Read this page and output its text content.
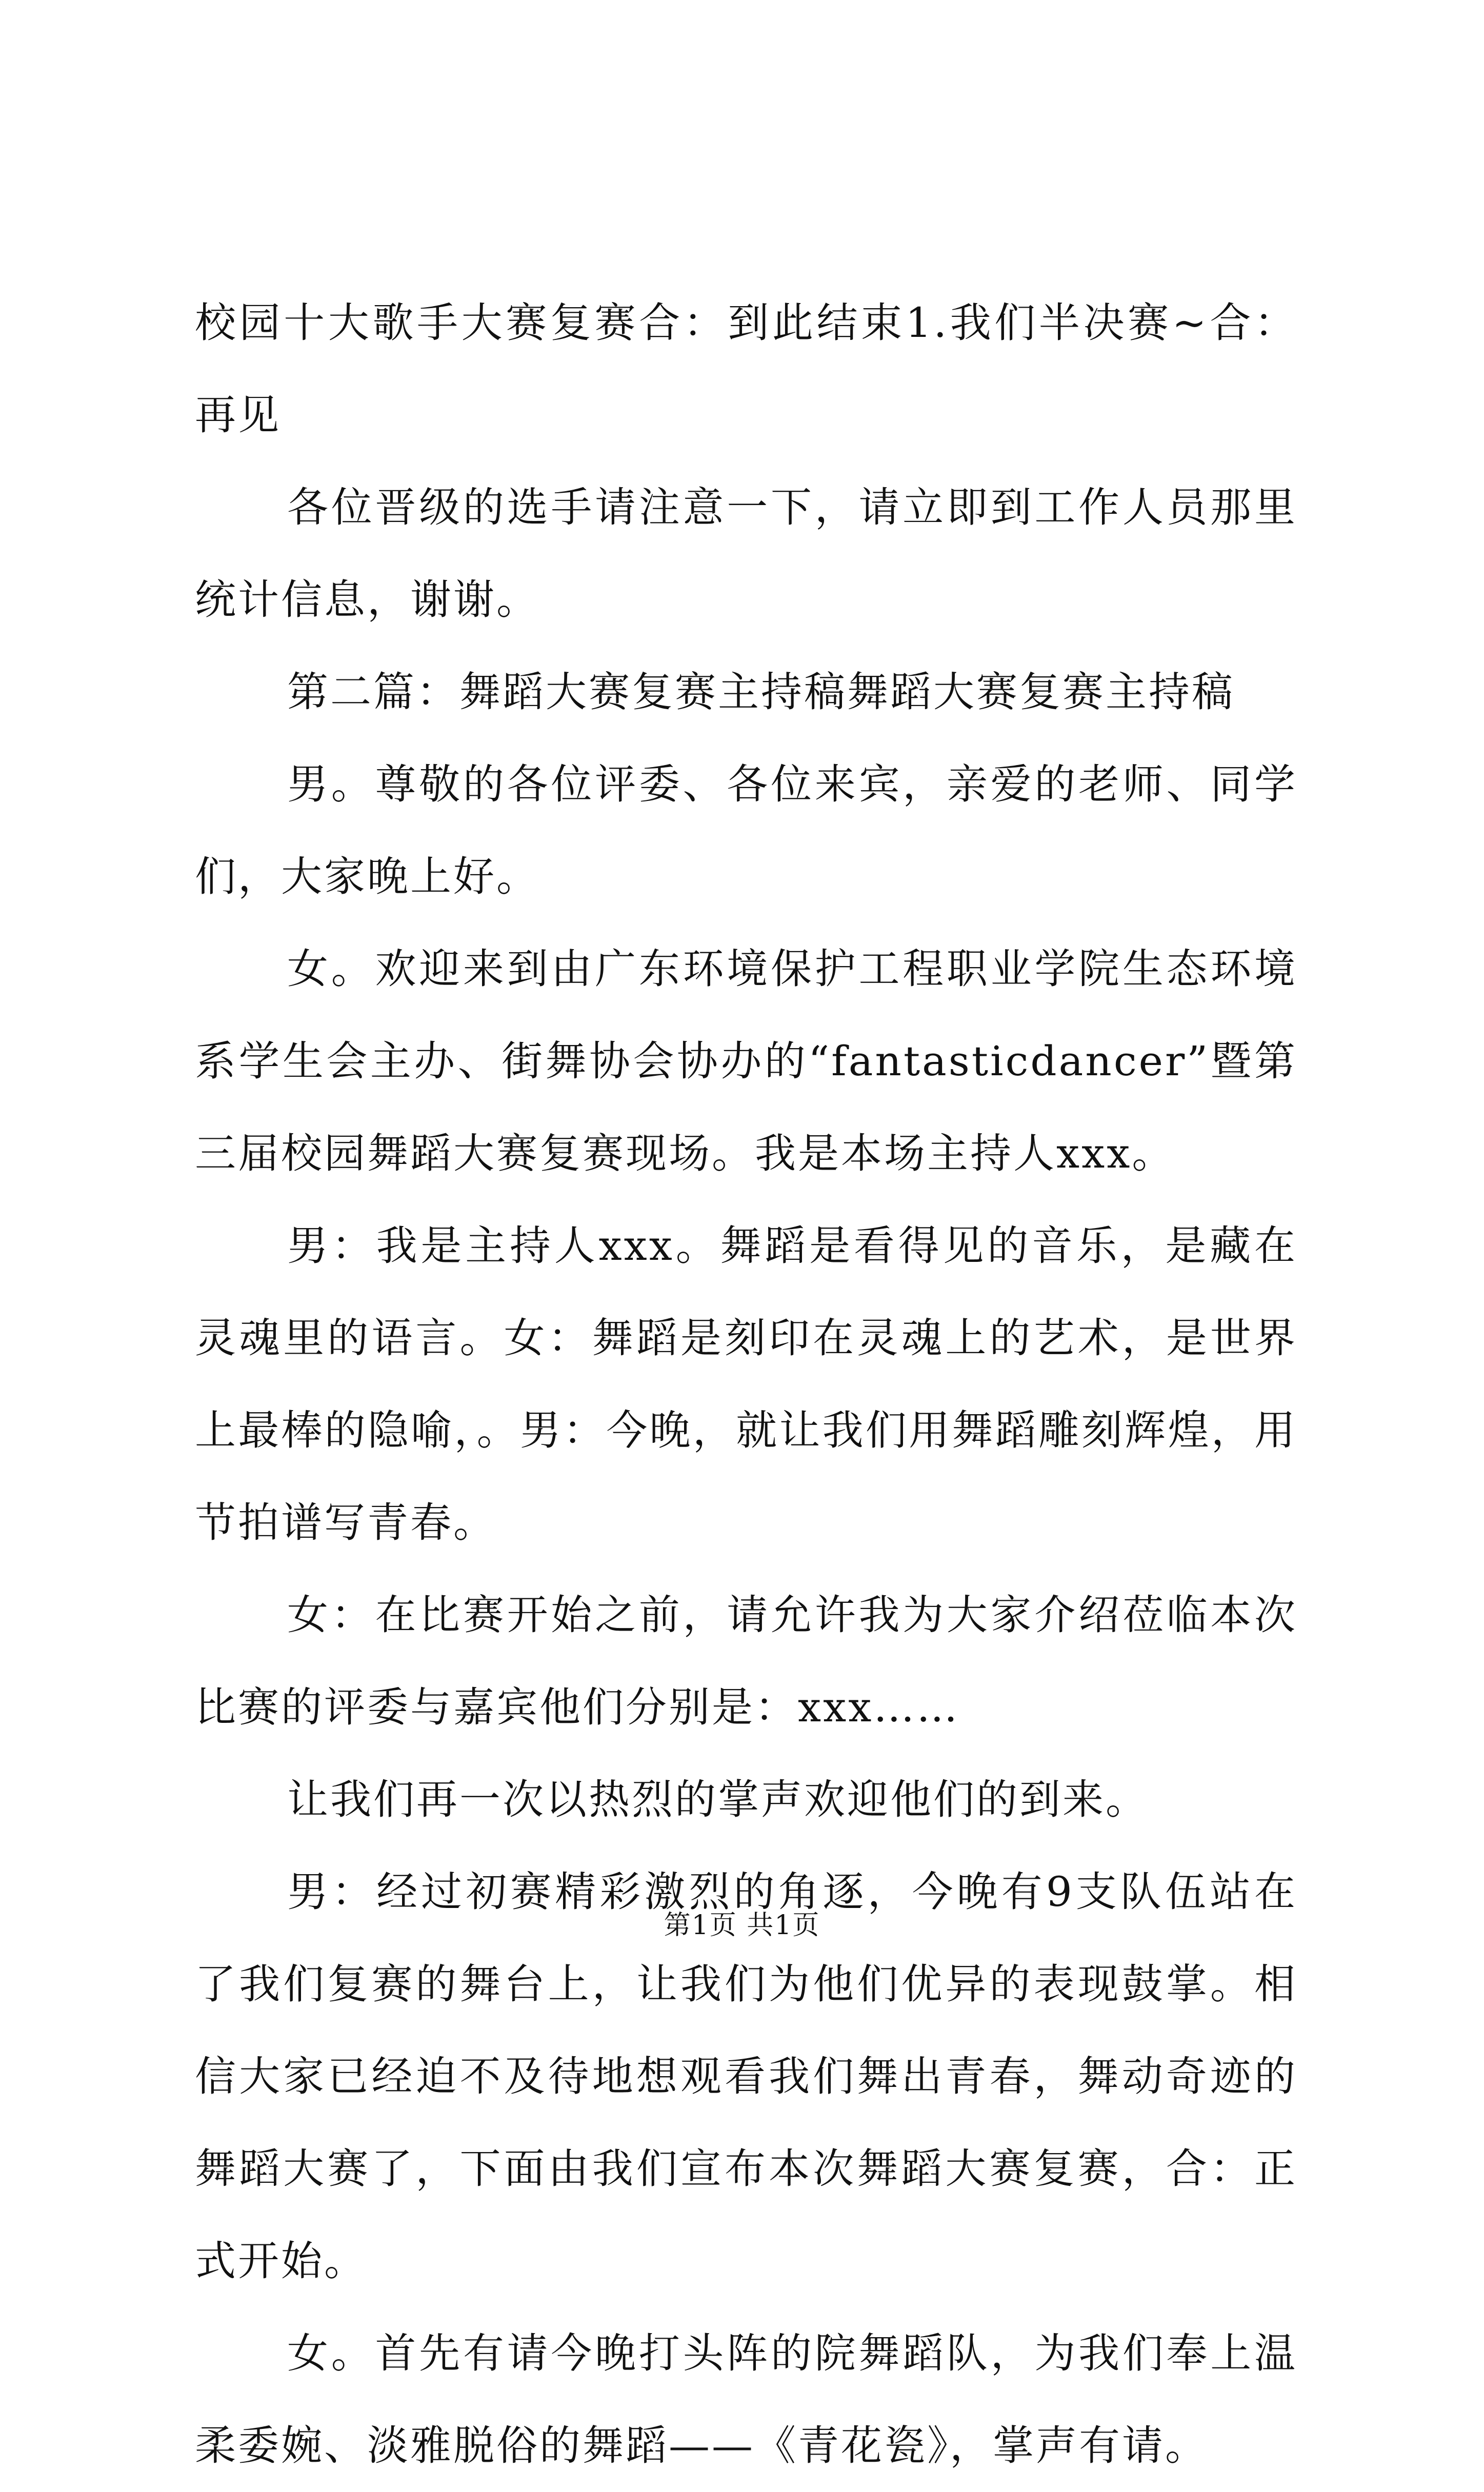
校园十大歌手大赛复赛合：到此结束1.我们半决赛~合：再见

各位晋级的选手请注意一下，请立即到工作人员那里统计信息，谢谢。

第二篇：舞蹈大赛复赛主持稿舞蹈大赛复赛主持稿

男。尊敬的各位评委、各位来宾，亲爱的老师、同学们，大家晚上好。

女。欢迎来到由广东环境保护工程职业学院生态环境系学生会主办、街舞协会协办的“fantasticdancer”暨第三届校园舞蹈大赛复赛现场。我是本场主持人xxx。

男：我是主持人xxx。舞蹈是看得见的音乐，是藏在灵魂里的语言。女：舞蹈是刻印在灵魂上的艺术，是世界上最棒的隐喻，。男：今晚，就让我们用舞蹈雕刻辉煌，用节拍谱写青春。

女：在比赛开始之前，请允许我为大家介绍莅临本次比赛的评委与嘉宾他们分别是：xxx……

让我们再一次以热烈的掌声欢迎他们的到来。

男：经过初赛精彩激烈的角逐，今晚有9支队伍站在了我们复赛的舞台上，让我们为他们优异的表现鼓掌。相信大家已经迫不及待地想观看我们舞出青春，舞动奇迹的舞蹈大赛了，下面由我们宣布本次舞蹈大赛复赛，合：正式开始。

女。首先有请今晚打头阵的院舞蹈队，为我们奉上温柔委婉、淡雅脱俗的舞蹈——《青花瓷》，掌声有请。

第1页 共1页
